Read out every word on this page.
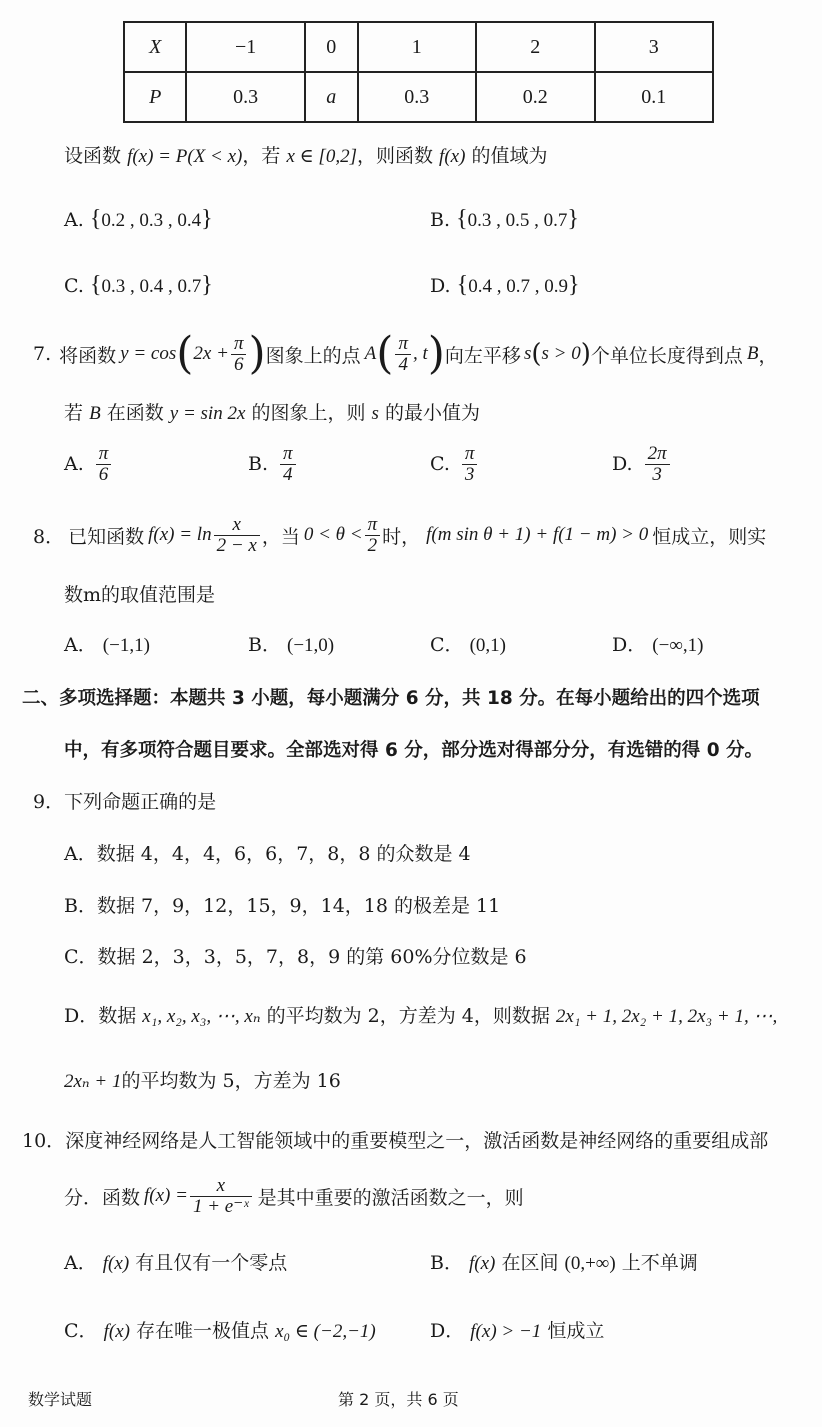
X	−1	0	1	2	3
P	0.3	a	0.3	0.2	0.1
设函数 f(x) = P(X < x)，若 x ∈ [0,2]，则函数 f(x) 的值域为
A. {0.2 , 0.3 , 0.4}	B. {0.3 , 0.5 , 0.7}
C. {0.3 , 0.4 , 0.7}	D. {0.4 , 0.7 , 0.9}
7. 将函数 y = cos ( $2x + \frac{\pi}{6}$ ) 图象上的点 A ( $\frac{\pi}{4}$ , t ) 向左平移 s ( s > 0 ) 个单位长度得到点 B ，
若 B 在函数 y = sin 2x 的图象上，则 s 的最小值为
A. $\frac{\pi}{6}$	B. $\frac{\pi}{4}$	C. $\frac{\pi}{3}$	D. $\frac{2\pi}{3}$
8． 已知函数 $f(x) = \ln \frac{x}{2 - x}$ ，当 $0 < \theta < \frac{\pi}{2}$ 时， f(m sin θ + 1) + f(1 − m) > 0 恒成立，则实
数m的取值范围是
A． (−1,1)	B． (−1,0)	C． (0,1)	D． (−∞,1)
二、多项选择题：本题共 3 小题，每小题满分 6 分，共 18 分。在每小题给出的四个选项
中，有多项符合题目要求。全部选对得 6 分，部分选对得部分分，有选错的得 0 分。
9．下列命题正确的是
A．数据 4，4，4，6，6，7，8，8 的众数是 4
B．数据 7，9，12，15，9，14，18 的极差是 11
C．数据 2，3，3，5，7，8，9 的第 60%分位数是 6
D．数据 x₁, x₂, x₃, ⋯, xₙ 的平均数为 2，方差为 4，则数据 2x₁ + 1, 2x₂ + 1, 2x₃ + 1, ⋯,
2xₙ + 1的平均数为 5，方差为 16
10．深度神经网络是人工智能领域中的重要模型之一，激活函数是神经网络的重要组成部
分．函数 $f(x) = \frac{x}{\text{1 + e⁻ˣ}}$ 是其中重要的激活函数之一，则
A． f(x) 有且仅有一个零点	B． f(x) 在区间 (0,+∞) 上不单调
C． f(x) 存在唯一极值点 x₀ ∈ (−2,−1)	D． f(x) > −1 恒成立
数学试题	第 2 页，共 6 页
